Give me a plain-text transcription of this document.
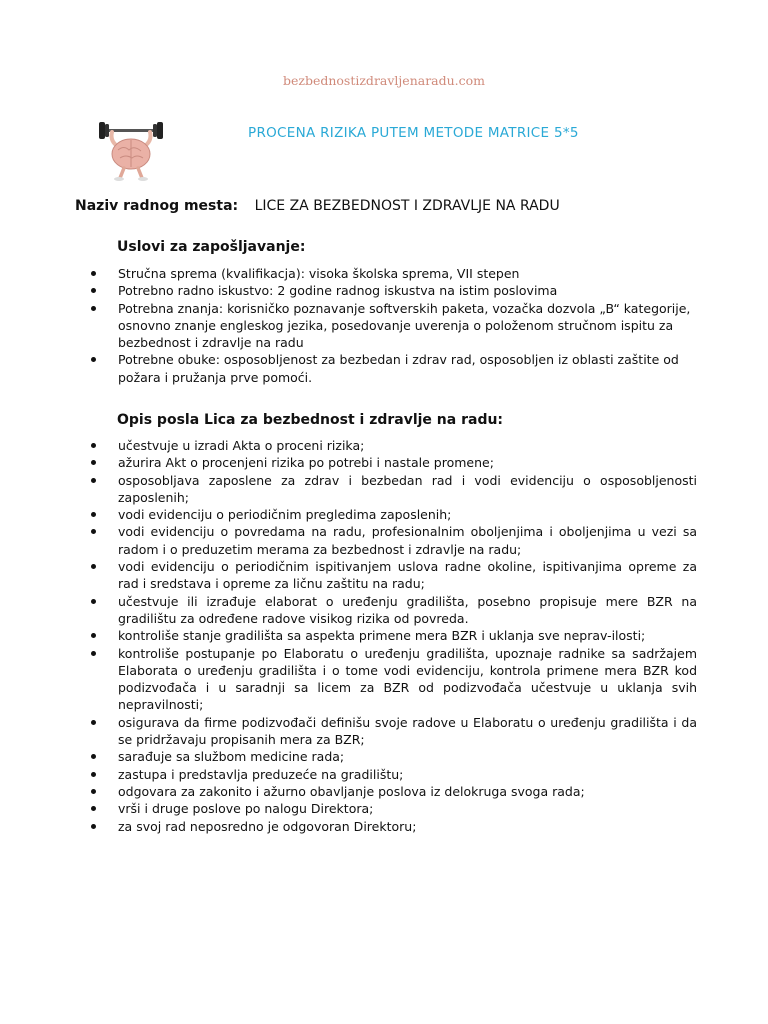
bezbednostizdravljenaradu.com
PROCENA RIZIKA PUTEM METODE MATRICE 5*5
Naziv radnog mesta: LICE ZA BEZBEDNOST I ZDRAVLJE NA RADU
Uslovi za zapošljavanje:
Stručna sprema (kvalifikacja): visoka školska sprema, VII stepen
Potrebno radno iskustvo: 2 godine radnog iskustva na istim poslovima
Potrebna znanja: korisničko poznavanje softverskih paketa, vozačka dozvola „B“ kategorije, osnovno znanje engleskog jezika, posedovanje uverenja o položenom stručnom ispitu za bezbednost i zdravlje na radu
Potrebne obuke: osposobljenost za bezbedan i zdrav rad, osposobljen iz oblasti zaštite od požara i pružanja prve pomoći.
Opis posla Lica za bezbednost i zdravlje na radu:
učestvuje u izradi Akta o proceni rizika;
ažurira Akt o procenjeni rizika po potrebi i nastale promene;
osposobljava zaposlene za zdrav i bezbedan rad i vodi evidenciju o osposobljenosti zaposlenih;
vodi evidenciju o periodičnim pregledima zaposlenih;
vodi evidenciju o povredama na radu, profesionalnim oboljenjima i oboljenjima u vezi sa radom i o preduzetim merama za bezbednost i zdravlje na radu;
vodi evidenciju o periodičnim ispitivanjem uslova radne okoline, ispitivanjima opreme za rad i sredstava i opreme za ličnu zaštitu na radu;
učestvuje ili izrađuje elaborat o uređenju gradilišta, posebno propisuje mere BZR na gradilištu za određene radove visikog rizika od povreda.
kontroliše stanje gradilišta sa aspekta primene mera BZR i uklanja sve neprav-ilosti;
kontroliše postupanje po Elaboratu o uređenju gradilišta, upoznaje radnike sa sadržajem Elaborata o uređenju gradilišta i o tome vodi evidenciju, kontrola primene mera BZR kod podizvođača i u saradnji sa licem za BZR od podizvođača učestvuje u uklanja svih nepravilnosti;
osigurava da firme podizvođači definišu svoje radove u Elaboratu o uređenju gradilišta i da se pridržavaju propisanih mera za BZR;
sarađuje sa službom medicine rada;
zastupa i predstavlja preduzeće na gradilištu;
odgovara za zakonito i ažurno obavljanje poslova iz delokruga svoga rada;
vrši i druge poslove po nalogu Direktora;
za svoj rad neposredno je odgovoran Direktoru;
